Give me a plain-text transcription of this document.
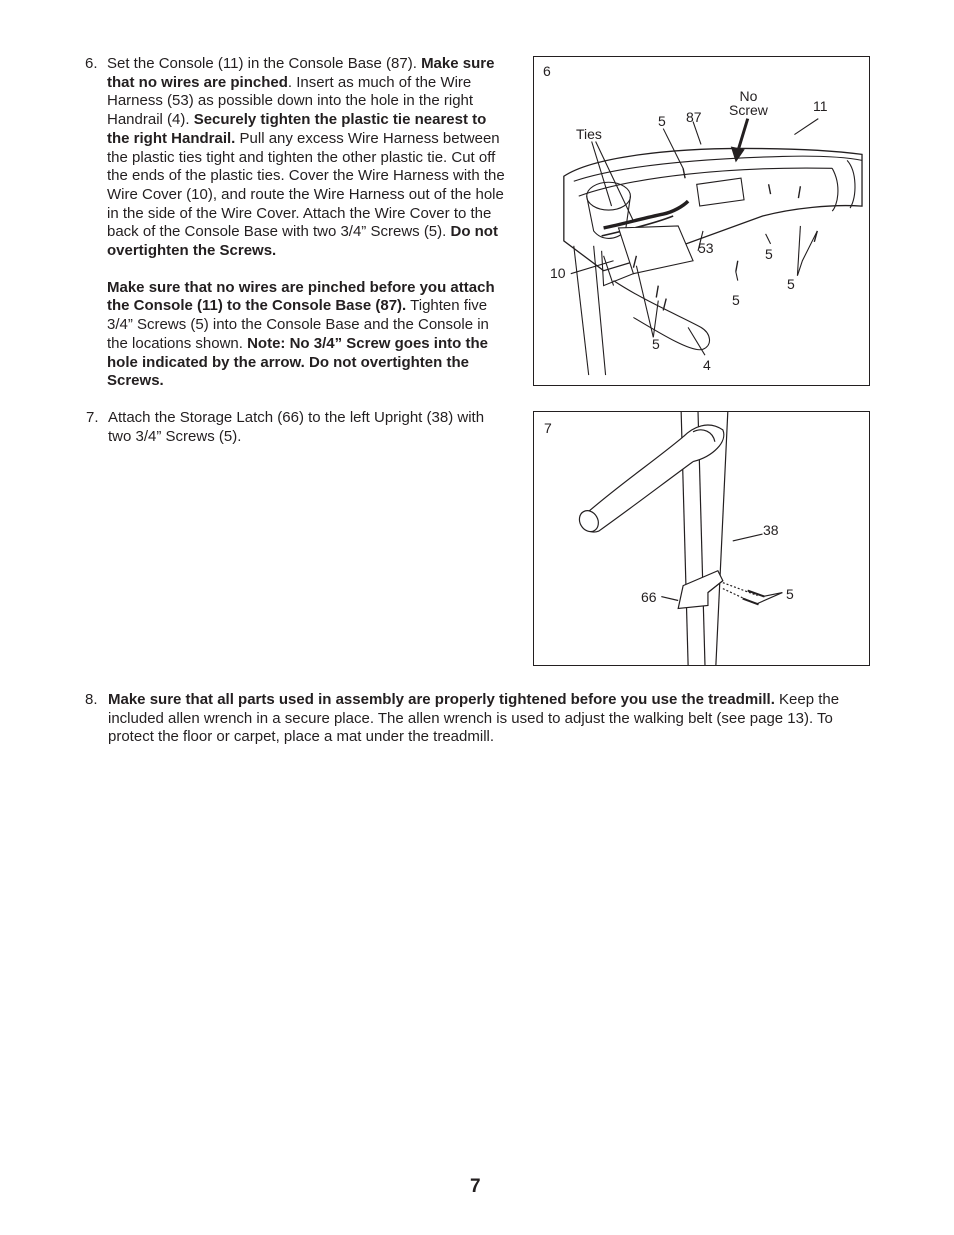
6. Set the Console (11) in the Console Base (87). Make sure that no wires are pinched. Insert as much of the Wire Harness (53) as possible down into the hole in the right Handrail (4). Securely tighten the plastic tie nearest to the right Handrail. Pull any excess Wire Harness between the plastic ties tight and tighten the other plastic tie. Cut off the ends of the plastic ties. Cover the Wire Harness with the Wire Cover (10), and route the Wire Harness out of the hole in the side of the Wire Cover. Attach the Wire Cover to the back of the Console Base with two 3/4” Screws (5). Do not overtighten the Screws.

Make sure that no wires are pinched before you attach the Console (11) to the Console Base (87). Tighten five 3/4” Screws (5) into the Console Base and the Console in the locations shown. Note: No 3/4” Screw goes into the hole indicated by the arrow. Do not overtighten the Screws.

7. Attach the Storage Latch (66) to the left Upright (38) with two 3/4” Screws (5).

8. Make sure that all parts used in assembly are properly tightened before you use the treadmill. Keep the included allen wrench in a secure place. The allen wrench is used to adjust the walking belt (see page 13). To protect the floor or carpet, place a mat under the treadmill.

6
No
Screw	11
Ties
5 87
53	5
5
10
5
5
4
7
38
66	5
7
